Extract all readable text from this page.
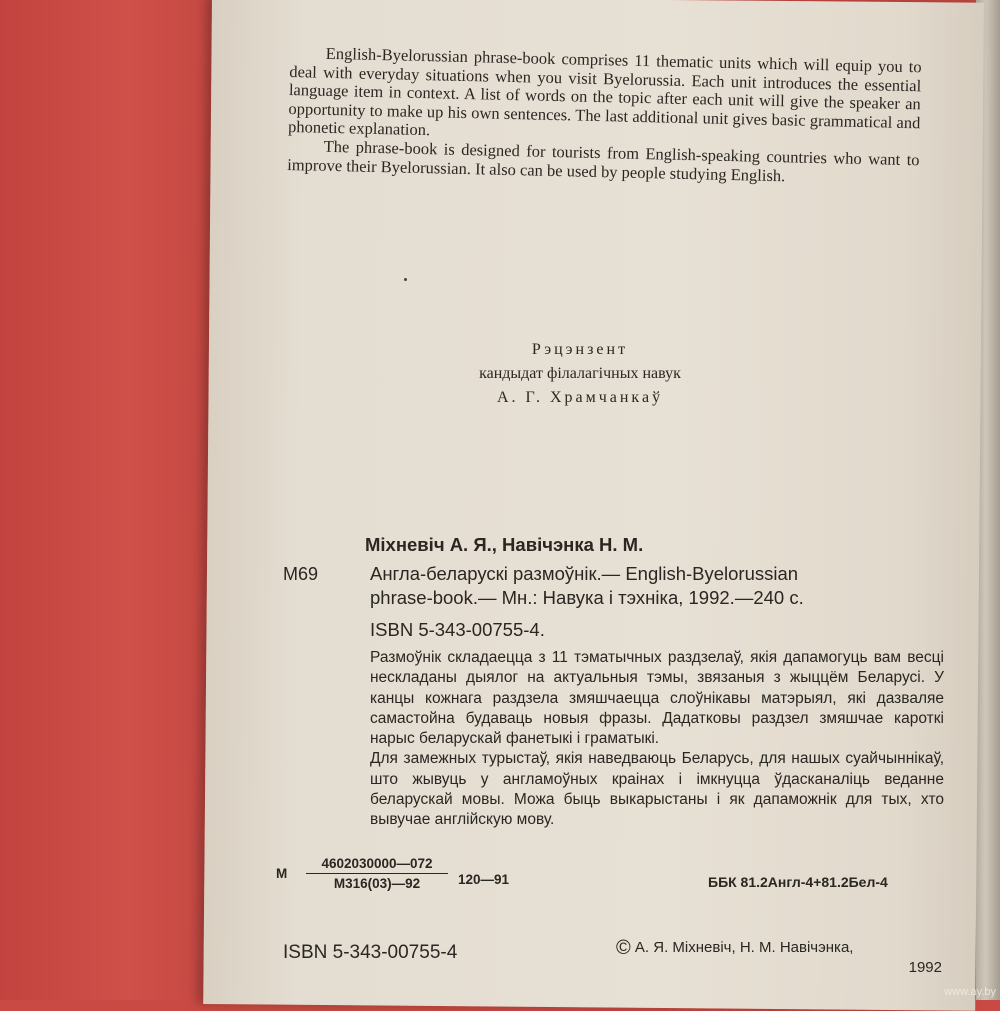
English-Byelorussian phrase-book comprises 11 thematic units which will equip you to deal with everyday situations when you visit Byelorussia. Each unit introduces the essential language item in context. A list of words on the topic after each unit will give the speaker an opportunity to make up his own sentences. The last additional unit gives basic grammatical and phonetic explanation.

The phrase-book is designed for tourists from English-speaking countries who want to improve their Byelorussian. It also can be used by people studying English.

Рэцэнзент
кандыдат філалагічных навук
А. Г. Храмчанкаў
Міхневіч А. Я., Навічэнка Н. М.
М69	Англа-беларускі размоўнік.— English-Byelorussian
phrase-book.— Мн.: Навука і тэхніка, 1992.—240 с.
ISBN 5-343-00755-4.

Размоўнік складаецца з 11 тэматычных раздзелаў, якія дапамогуць вам весці нескладаны дыялог на актуальныя тэмы, звязаныя з жыццём Беларусі. У канцы кожнага раздзела змяшчаецца слоўнікавы матэрыял, які дазваляе самастойна будаваць новыя фразы. Дадатковы раздзел змяшчае кароткі нарыс беларускай фанетыкі і граматыкі.

Для замежных турыстаў, якія наведваюць Беларусь, для нашых суайчыннікаў, што жывуць у англамоўных краінах і імкнуцца ўдасканаліць веданне беларускай мовы. Можа быць выкарыстаны і як дапаможнік для тых, хто вывучае англійскую мову.

М
4602030000—072
М316(03)—92	120—91	ББК 81.2Англ-4+81.2Бел-4
ISBN 5-343-00755-4	© А. Я. Міхневіч, Н. М. Навічэнка,
1992
www.ay.by
